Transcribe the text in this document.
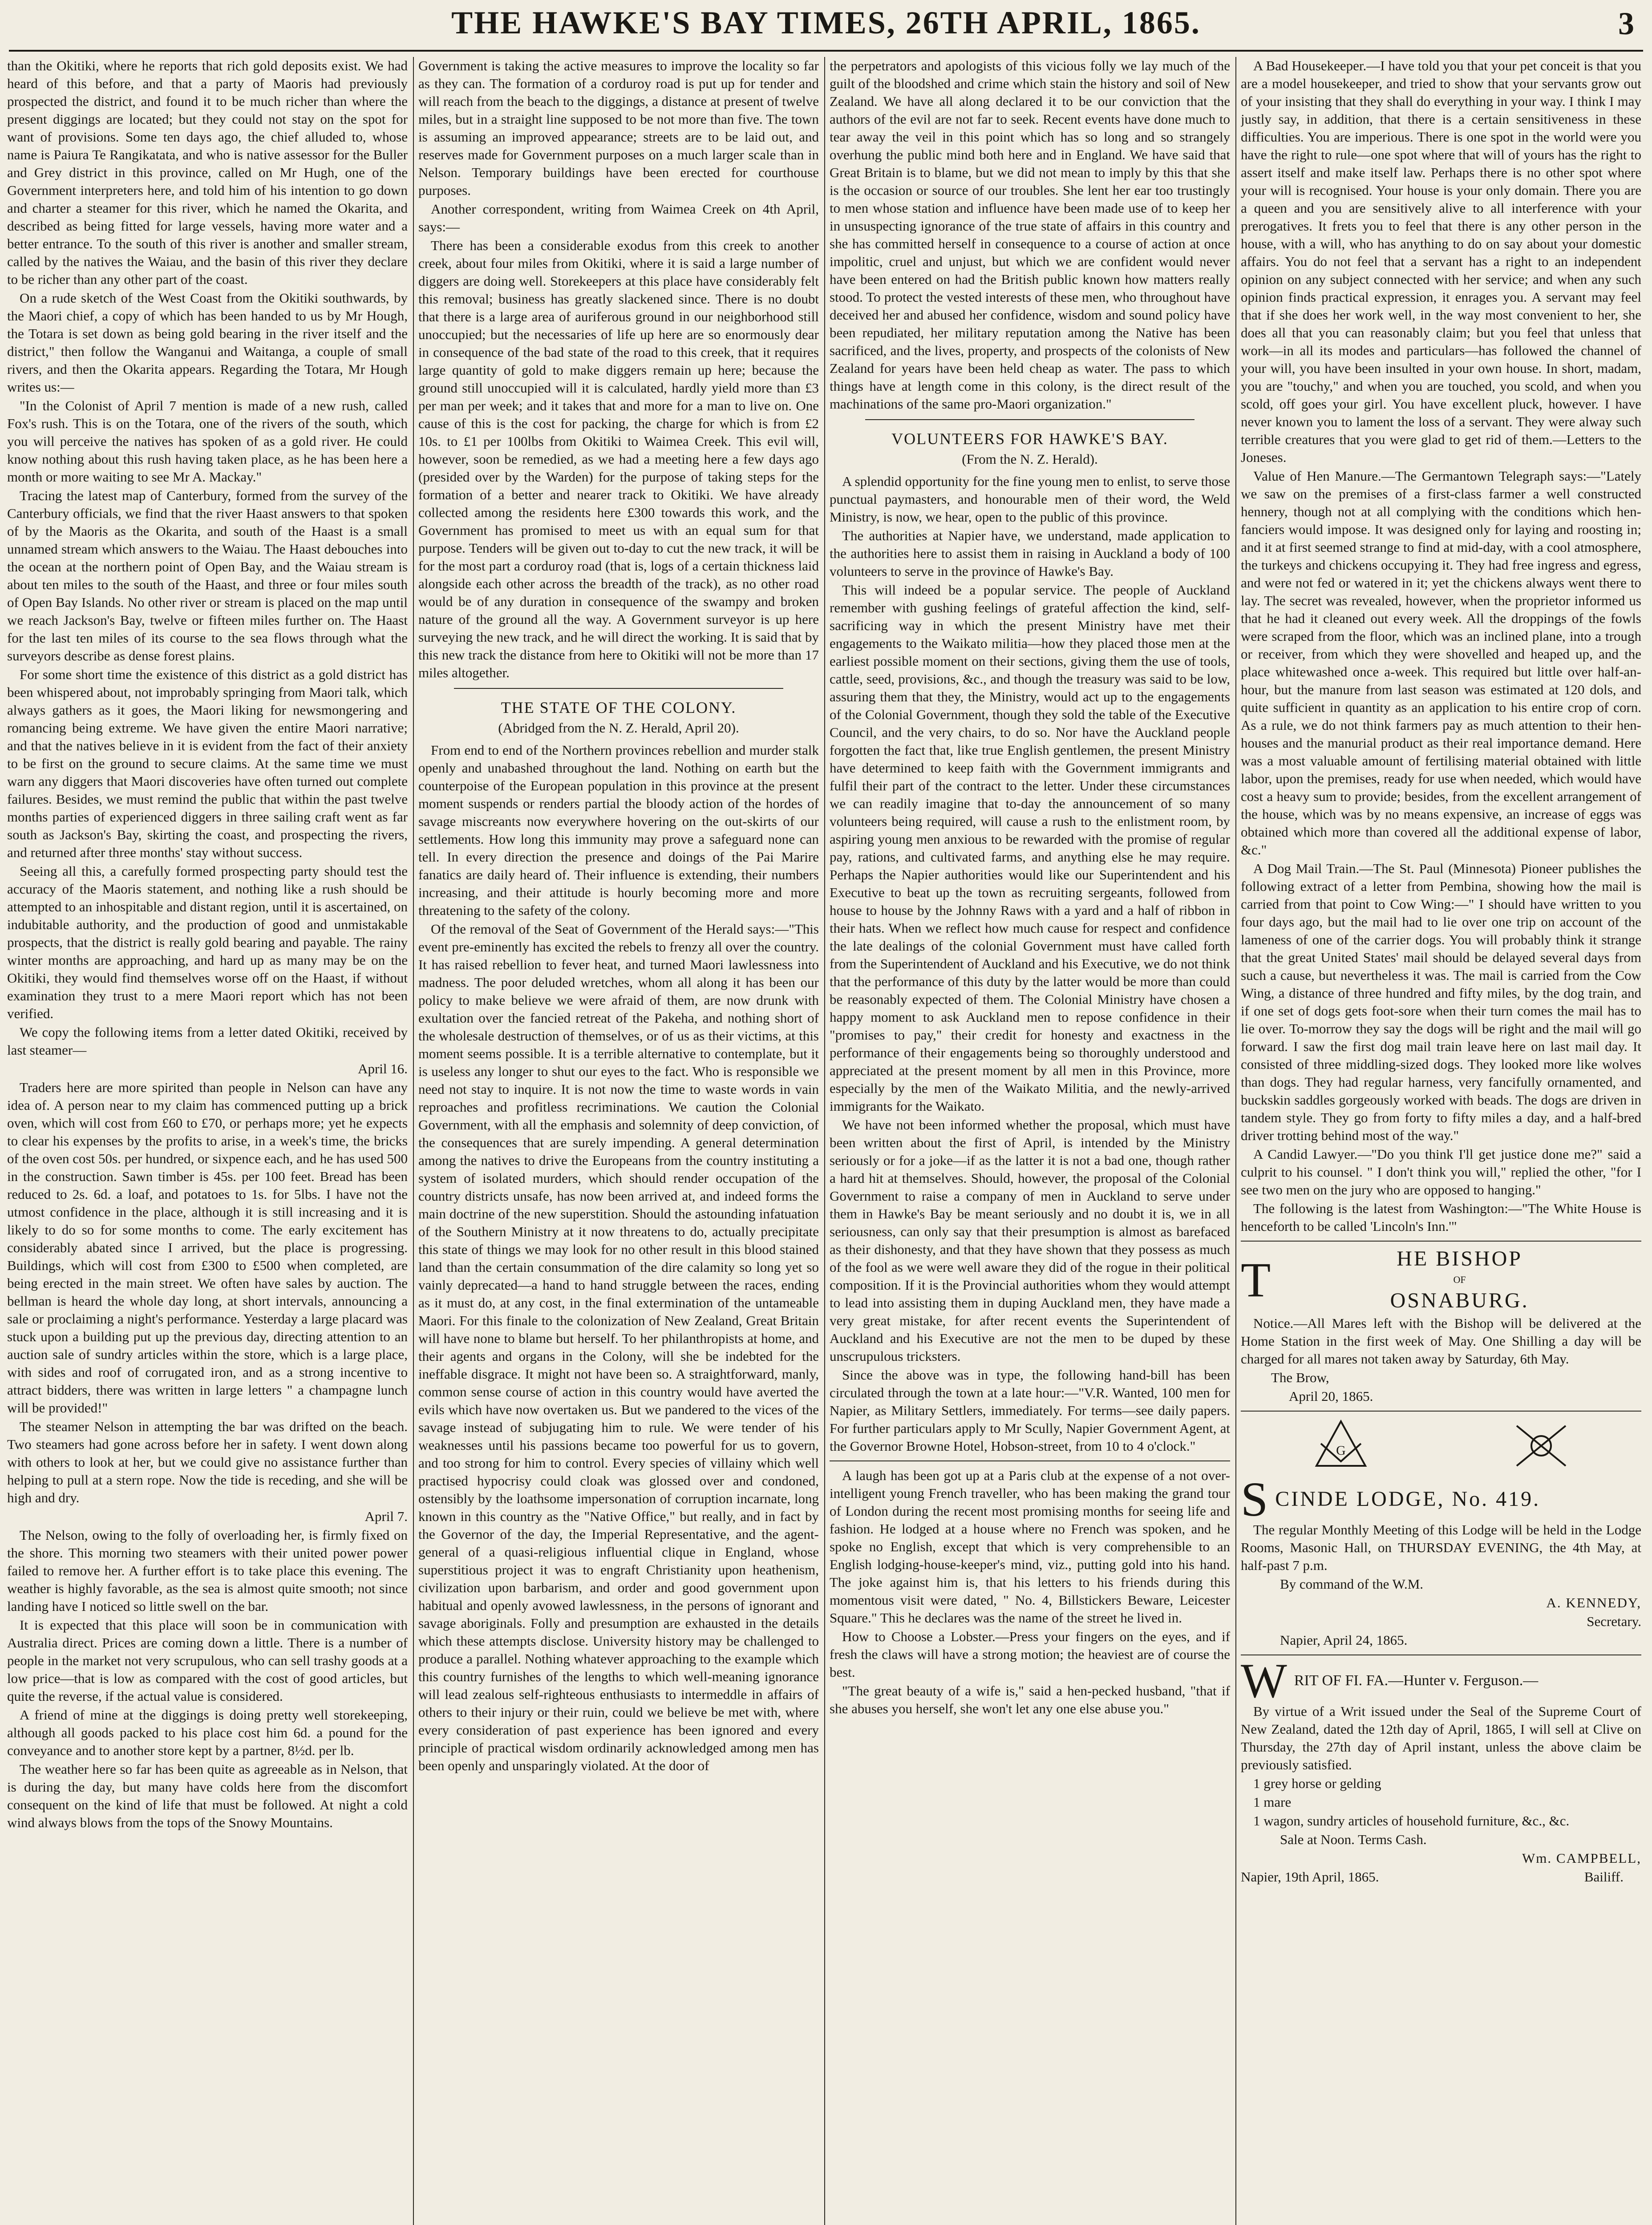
THE HAWKE'S BAY TIMES, 26TH APRIL, 1865.	3

than the Okitiki, where he reports that rich gold deposits exist. We had heard of this before, and that a party of Maoris had previously prospected the district, and found it to be much richer than where the present diggings are located; but they could not stay on the spot for want of provisions. Some ten days ago, the chief alluded to, whose name is Paiura Te Rangikatata, and who is native assessor for the Buller and Grey district in this province, called on Mr Hugh, one of the Government interpreters here, and told him of his intention to go down and charter a steamer for this river, which he named the Okarita, and described as being fitted for large vessels, having more water and a better entrance. To the south of this river is another and smaller stream, called by the natives the Waiau, and the basin of this river they declare to be richer than any other part of the coast.

On a rude sketch of the West Coast from the Okitiki southwards, by the Maori chief, a copy of which has been handed to us by Mr Hough, the Totara is set down as being gold bearing in the river itself and the district," then follow the Wanganui and Waitanga, a couple of small rivers, and then the Okarita appears. Regarding the Totara, Mr Hough writes us:—

"In the Colonist of April 7 mention is made of a new rush, called Fox's rush. This is on the Totara, one of the rivers of the south, which you will perceive the natives has spoken of as a gold river. He could know nothing about this rush having taken place, as he has been here a month or more waiting to see Mr A. Mackay."

Tracing the latest map of Canterbury, formed from the survey of the Canterbury officials, we find that the river Haast answers to that spoken of by the Maoris as the Okarita, and south of the Haast is a small unnamed stream which answers to the Waiau. The Haast debouches into the ocean at the northern point of Open Bay, and the Waiau stream is about ten miles to the south of the Haast, and three or four miles south of Open Bay Islands. No other river or stream is placed on the map until we reach Jackson's Bay, twelve or fifteen miles further on. The Haast for the last ten miles of its course to the sea flows through what the surveyors describe as dense forest plains.

For some short time the existence of this district as a gold district has been whispered about, not improbably springing from Maori talk, which always gathers as it goes, the Maori liking for newsmongering and romancing being extreme. We have given the entire Maori narrative; and that the natives believe in it is evident from the fact of their anxiety to be first on the ground to secure claims. At the same time we must warn any diggers that Maori discoveries have often turned out complete failures. Besides, we must remind the public that within the past twelve months parties of experienced diggers in three sailing craft went as far south as Jackson's Bay, skirting the coast, and prospecting the rivers, and returned after three months' stay without success.

Seeing all this, a carefully formed prospecting party should test the accuracy of the Maoris statement, and nothing like a rush should be attempted to an inhospitable and distant region, until it is ascertained, on indubitable authority, and the production of good and unmistakable prospects, that the district is really gold bearing and payable. The rainy winter months are approaching, and hard up as many may be on the Okitiki, they would find themselves worse off on the Haast, if without examination they trust to a mere Maori report which has not been verified.

We copy the following items from a letter dated Okitiki, received by last steamer—

April 16.

Traders here are more spirited than people in Nelson can have any idea of. A person near to my claim has commenced putting up a brick oven, which will cost from £60 to £70, or perhaps more; yet he expects to clear his expenses by the profits to arise, in a week's time, the bricks of the oven cost 50s. per hundred, or sixpence each, and he has used 500 in the construction. Sawn timber is 45s. per 100 feet. Bread has been reduced to 2s. 6d. a loaf, and potatoes to 1s. for 5lbs. I have not the utmost confidence in the place, although it is still increasing and it is likely to do so for some months to come. The early excitement has considerably abated since I arrived, but the place is progressing. Buildings, which will cost from £300 to £500 when completed, are being erected in the main street. We often have sales by auction. The bellman is heard the whole day long, at short intervals, announcing a sale or proclaiming a night's performance. Yesterday a large placard was stuck upon a building put up the previous day, directing attention to an auction sale of sundry articles within the store, which is a large place, with sides and roof of corrugated iron, and as a strong incentive to attract bidders, there was written in large letters " a champagne lunch will be provided!"

The steamer Nelson in attempting the bar was drifted on the beach. Two steamers had gone across before her in safety. I went down along with others to look at her, but we could give no assistance further than helping to pull at a stern rope. Now the tide is receding, and she will be high and dry.

April 7.

The Nelson, owing to the folly of overloading her, is firmly fixed on the shore. This morning two steamers with their united power power failed to remove her. A further effort is to take place this evening. The weather is highly favorable, as the sea is almost quite smooth; not since landing have I noticed so little swell on the bar.

It is expected that this place will soon be in communication with Australia direct. Prices are coming down a little. There is a number of people in the market not very scrupulous, who can sell trashy goods at a low price—that is low as compared with the cost of good articles, but quite the reverse, if the actual value is considered.

A friend of mine at the diggings is doing pretty well storekeeping, although all goods packed to his place cost him 6d. a pound for the conveyance and to another store kept by a partner, 8½d. per lb.

The weather here so far has been quite as agreeable as in Nelson, that is during the day, but many have colds here from the discomfort consequent on the kind of life that must be followed. At night a cold wind always blows from the tops of the Snowy Mountains.

Government is taking the active measures to improve the locality so far as they can. The formation of a corduroy road is put up for tender and will reach from the beach to the diggings, a distance at present of twelve miles, but in a straight line supposed to be not more than five. The town is assuming an improved appearance; streets are to be laid out, and reserves made for Government purposes on a much larger scale than in Nelson. Temporary buildings have been erected for courthouse purposes.

Another correspondent, writing from Waimea Creek on 4th April, says:—

There has been a considerable exodus from this creek to another creek, about four miles from Okitiki, where it is said a large number of diggers are doing well. Storekeepers at this place have considerably felt this removal; business has greatly slackened since. There is no doubt that there is a large area of auriferous ground in our neighborhood still unoccupied; but the necessaries of life up here are so enormously dear in consequence of the bad state of the road to this creek, that it requires large quantity of gold to make diggers remain up here; because the ground still unoccupied will it is calculated, hardly yield more than £3 per man per week; and it takes that and more for a man to live on. One cause of this is the cost for packing, the charge for which is from £2 10s. to £1 per 100lbs from Okitiki to Waimea Creek. This evil will, however, soon be remedied, as we had a meeting here a few days ago (presided over by the Warden) for the purpose of taking steps for the formation of a better and nearer track to Okitiki. We have already collected among the residents here £300 towards this work, and the Government has promised to meet us with an equal sum for that purpose. Tenders will be given out to-day to cut the new track, it will be for the most part a corduroy road (that is, logs of a certain thickness laid alongside each other across the breadth of the track), as no other road would be of any duration in consequence of the swampy and broken nature of the ground all the way. A Government surveyor is up here surveying the new track, and he will direct the working. It is said that by this new track the distance from here to Okitiki will not be more than 17 miles altogether.

THE STATE OF THE COLONY.
(Abridged from the N. Z. Herald, April 20).

From end to end of the Northern provinces rebellion and murder stalk openly and unabashed throughout the land. Nothing on earth but the counterpoise of the European population in this province at the present moment suspends or renders partial the bloody action of the hordes of savage miscreants now everywhere hovering on the out-skirts of our settlements. How long this immunity may prove a safeguard none can tell. In every direction the presence and doings of the Pai Marire fanatics are daily heard of. Their influence is extending, their numbers increasing, and their attitude is hourly becoming more and more threatening to the safety of the colony.

Of the removal of the Seat of Government of the Herald says:—"This event pre-eminently has excited the rebels to frenzy all over the country. It has raised rebellion to fever heat, and turned Maori lawlessness into madness. The poor deluded wretches, whom all along it has been our policy to make believe we were afraid of them, are now drunk with exultation over the fancied retreat of the Pakeha, and nothing short of the wholesale destruction of themselves, or of us as their victims, at this moment seems possible. It is a terrible alternative to contemplate, but it is useless any longer to shut our eyes to the fact. Who is responsible we need not stay to inquire. It is not now the time to waste words in vain reproaches and profitless recriminations. We caution the Colonial Government, with all the emphasis and solemnity of deep conviction, of the consequences that are surely impending. A general determination among the natives to drive the Europeans from the country instituting a system of isolated murders, which should render occupation of the country districts unsafe, has now been arrived at, and indeed forms the main doctrine of the new superstition. Should the astounding infatuation of the Southern Ministry at it now threatens to do, actually precipitate this state of things we may look for no other result in this blood stained land than the certain consummation of the dire calamity so long yet so vainly deprecated—a hand to hand struggle between the races, ending as it must do, at any cost, in the final extermination of the untameable Maori. For this finale to the colonization of New Zealand, Great Britain will have none to blame but herself. To her philanthropists at home, and their agents and organs in the Colony, will she be indebted for the ineffable disgrace. It might not have been so. A straightforward, manly, common sense course of action in this country would have averted the evils which have now overtaken us. But we pandered to the vices of the savage instead of subjugating him to rule. We were tender of his weaknesses until his passions became too powerful for us to govern, and too strong for him to control. Every species of villainy which well practised hypocrisy could cloak was glossed over and condoned, ostensibly by the loathsome impersonation of corruption incarnate, long known in this country as the "Native Office," but really, and in fact by the Governor of the day, the Imperial Representative, and the agent-general of a quasi-religious influential clique in England, whose superstitious project it was to engraft Christianity upon heathenism, civilization upon barbarism, and order and good government upon habitual and openly avowed lawlessness, in the persons of ignorant and savage aboriginals. Folly and presumption are exhausted in the details which these attempts disclose. University history may be challenged to produce a parallel. Nothing whatever approaching to the example which this country furnishes of the lengths to which well-meaning ignorance will lead zealous self-righteous enthusiasts to intermeddle in affairs of others to their injury or their ruin, could we believe be met with, where every consideration of past experience has been ignored and every principle of practical wisdom ordinarily acknowledged among men has been openly and unsparingly violated. At the door of

the perpetrators and apologists of this vicious folly we lay much of the guilt of the bloodshed and crime which stain the history and soil of New Zealand. We have all along declared it to be our conviction that the authors of the evil are not far to seek. Recent events have done much to tear away the veil in this point which has so long and so strangely overhung the public mind both here and in England. We have said that Great Britain is to blame, but we did not mean to imply by this that she is the occasion or source of our troubles. She lent her ear too trustingly to men whose station and influence have been made use of to keep her in unsuspecting ignorance of the true state of affairs in this country and she has committed herself in consequence to a course of action at once impolitic, cruel and unjust, but which we are confident would never have been entered on had the British public known how matters really stood. To protect the vested interests of these men, who throughout have deceived her and abused her confidence, wisdom and sound policy have been repudiated, her military reputation among the Native has been sacrificed, and the lives, property, and prospects of the colonists of New Zealand for years have been held cheap as water. The pass to which things have at length come in this colony, is the direct result of the machinations of the same pro-Maori organization."

VOLUNTEERS FOR HAWKE'S BAY.
(From the N. Z. Herald).

A splendid opportunity for the fine young men to enlist, to serve those punctual paymasters, and honourable men of their word, the Weld Ministry, is now, we hear, open to the public of this province.

The authorities at Napier have, we understand, made application to the authorities here to assist them in raising in Auckland a body of 100 volunteers to serve in the province of Hawke's Bay.

This will indeed be a popular service. The people of Auckland remember with gushing feelings of grateful affection the kind, self-sacrificing way in which the present Ministry have met their engagements to the Waikato militia—how they placed those men at the earliest possible moment on their sections, giving them the use of tools, cattle, seed, provisions, &c., and though the treasury was said to be low, assuring them that they, the Ministry, would act up to the engagements of the Colonial Government, though they sold the table of the Executive Council, and the very chairs, to do so. Nor have the Auckland people forgotten the fact that, like true English gentlemen, the present Ministry have determined to keep faith with the Government immigrants and fulfil their part of the contract to the letter. Under these circumstances we can readily imagine that to-day the announcement of so many volunteers being required, will cause a rush to the enlistment room, by aspiring young men anxious to be rewarded with the promise of regular pay, rations, and cultivated farms, and anything else he may require. Perhaps the Napier authorities would like our Superintendent and his Executive to beat up the town as recruiting sergeants, followed from house to house by the Johnny Raws with a yard and a half of ribbon in their hats. When we reflect how much cause for respect and confidence the late dealings of the colonial Government must have called forth from the Superintendent of Auckland and his Executive, we do not think that the performance of this duty by the latter would be more than could be reasonably expected of them. The Colonial Ministry have chosen a happy moment to ask Auckland men to repose confidence in their "promises to pay," their credit for honesty and exactness in the performance of their engagements being so thoroughly understood and appreciated at the present moment by all men in this Province, more especially by the men of the Waikato Militia, and the newly-arrived immigrants for the Waikato.

We have not been informed whether the proposal, which must have been written about the first of April, is intended by the Ministry seriously or for a joke—if as the latter it is not a bad one, though rather a hard hit at themselves. Should, however, the proposal of the Colonial Government to raise a company of men in Auckland to serve under them in Hawke's Bay be meant seriously and no doubt it is, we in all seriousness, can only say that their presumption is almost as barefaced as their dishonesty, and that they have shown that they possess as much of the fool as we were well aware they did of the rogue in their political composition. If it is the Provincial authorities whom they would attempt to lead into assisting them in duping Auckland men, they have made a very great mistake, for after recent events the Superintendent of Auckland and his Executive are not the men to be duped by these unscrupulous tricksters.

Since the above was in type, the following hand-bill has been circulated through the town at a late hour:—"V.R. Wanted, 100 men for Napier, as Military Settlers, immediately. For terms—see daily papers. For further particulars apply to Mr Scully, Napier Government Agent, at the Governor Browne Hotel, Hobson-street, from 10 to 4 o'clock."

A laugh has been got up at a Paris club at the expense of a not over-intelligent young French traveller, who has been making the grand tour of London during the recent most promising months for seeing life and fashion. He lodged at a house where no French was spoken, and he spoke no English, except that which is very comprehensible to an English lodging-house-keeper's mind, viz., putting gold into his hand. The joke against him is, that his letters to his friends during this momentous visit were dated, " No. 4, Billstickers Beware, Leicester Square." This he declares was the name of the street he lived in.

How to Choose a Lobster.—Press your fingers on the eyes, and if fresh the claws will have a strong motion; the heaviest are of course the best.

"The great beauty of a wife is," said a hen-pecked husband, "that if she abuses you herself, she won't let any one else abuse you."

A Bad Housekeeper.—I have told you that your pet conceit is that you are a model housekeeper, and tried to show that your servants grow out of your insisting that they shall do everything in your way. I think I may justly say, in addition, that there is a certain sensitiveness in these difficulties. You are imperious. There is one spot in the world were you have the right to rule—one spot where that will of yours has the right to assert itself and make itself law. Perhaps there is no other spot where your will is recognised. Your house is your only domain. There you are a queen and you are sensitively alive to all interference with your prerogatives. It frets you to feel that there is any other person in the house, with a will, who has anything to do on say about your domestic affairs. You do not feel that a servant has a right to an independent opinion on any subject connected with her service; and when any such opinion finds practical expression, it enrages you. A servant may feel that if she does her work well, in the way most convenient to her, she does all that you can reasonably claim; but you feel that unless that work—in all its modes and particulars—has followed the channel of your will, you have been insulted in your own house. In short, madam, you are "touchy," and when you are touched, you scold, and when you scold, off goes your girl. You have excellent pluck, however. I have never known you to lament the loss of a servant. They were alway such terrible creatures that you were glad to get rid of them.—Letters to the Joneses.

Value of Hen Manure.—The Germantown Telegraph says:—"Lately we saw on the premises of a first-class farmer a well constructed hennery, though not at all complying with the conditions which hen-fanciers would impose. It was designed only for laying and roosting in; and it at first seemed strange to find at mid-day, with a cool atmosphere, the turkeys and chickens occupying it. They had free ingress and egress, and were not fed or watered in it; yet the chickens always went there to lay. The secret was revealed, however, when the proprietor informed us that he had it cleaned out every week. All the droppings of the fowls were scraped from the floor, which was an inclined plane, into a trough or receiver, from which they were shovelled and heaped up, and the place whitewashed once a-week. This required but little over half-an-hour, but the manure from last season was estimated at 120 dols, and quite sufficient in quantity as an application to his entire crop of corn. As a rule, we do not think farmers pay as much attention to their hen-houses and the manurial product as their real importance demand. Here was a most valuable amount of fertilising material obtained with little labor, upon the premises, ready for use when needed, which would have cost a heavy sum to provide; besides, from the excellent arrangement of the house, which was by no means expensive, an increase of eggs was obtained which more than covered all the additional expense of labor, &c."

A Dog Mail Train.—The St. Paul (Minnesota) Pioneer publishes the following extract of a letter from Pembina, showing how the mail is carried from that point to Cow Wing:—" I should have written to you four days ago, but the mail had to lie over one trip on account of the lameness of one of the carrier dogs. You will probably think it strange that the great United States' mail should be delayed several days from such a cause, but nevertheless it was. The mail is carried from the Cow Wing, a distance of three hundred and fifty miles, by the dog train, and if one set of dogs gets foot-sore when their turn comes the mail has to lie over. To-morrow they say the dogs will be right and the mail will go forward. I saw the first dog mail train leave here on last mail day. It consisted of three middling-sized dogs. They looked more like wolves than dogs. They had regular harness, very fancifully ornamented, and buckskin saddles gorgeously worked with beads. The dogs are driven in tandem style. They go from forty to fifty miles a day, and a half-bred driver trotting behind most of the way."

A Candid Lawyer.—"Do you think I'll get justice done me?" said a culprit to his counsel. " I don't think you will," replied the other, "for I see two men on the jury who are opposed to hanging."

The following is the latest from Washington:—"The White House is henceforth to be called 'Lincoln's Inn.'"

T	HE BISHOP
OF
OSNABURG.

Notice.—All Mares left with the Bishop will be delivered at the Home Station in the first week of May. One Shilling a day will be charged for all mares not taken away by Saturday, 6th May.

The Brow,

April 20, 1865.

G
S CINDE LODGE, No. 419.

The regular Monthly Meeting of this Lodge will be held in the Lodge Rooms, Masonic Hall, on THURSDAY EVENING, the 4th May, at half-past 7 p.m.

By command of the W.M.

A. KENNEDY,

Secretary.

Napier, April 24, 1865.

W RIT OF FI. FA.—Hunter v. Ferguson.—

By virtue of a Writ issued under the Seal of the Supreme Court of New Zealand, dated the 12th day of April, 1865, I will sell at Clive on Thursday, the 27th day of April instant, unless the above claim be previously satisfied.

1 grey horse or gelding

1 mare

1 wagon, sundry articles of household furniture, &c., &c.

Sale at Noon. Terms Cash.

Wm. CAMPBELL,

Napier, 19th April, 1865.	Bailiff.
